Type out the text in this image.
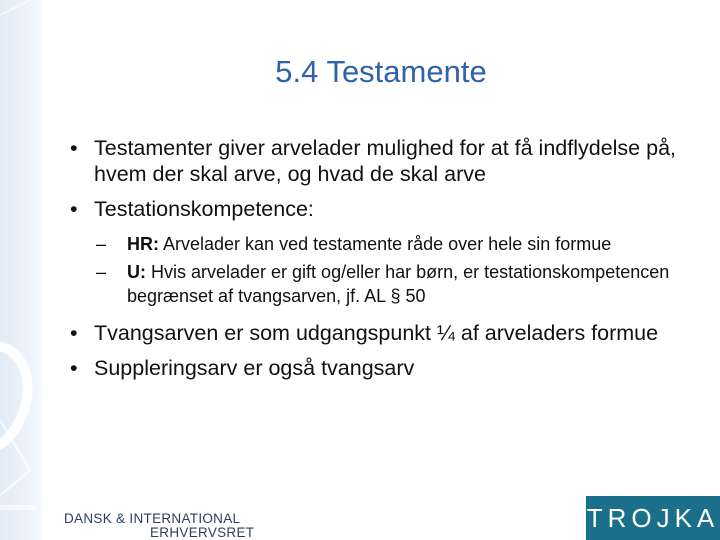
5.4 Testamente
• Testamenter giver arvelader mulighed for at få indflydelse på, hvem der skal arve, og hvad de skal arve
• Testationskompetence:
– HR: Arvelader kan ved testamente råde over hele sin formue
– U: Hvis arvelader er gift og/eller har børn, er testationskompetencen begrænset af tvangsarven, jf. AL § 50
• Tvangsarven er som udgangspunkt ¼ af arveladers formue
• Suppleringsarv er også tvangsarv
DANSK & INTERNATIONAL
ERHVERVSRET	TROJKA
